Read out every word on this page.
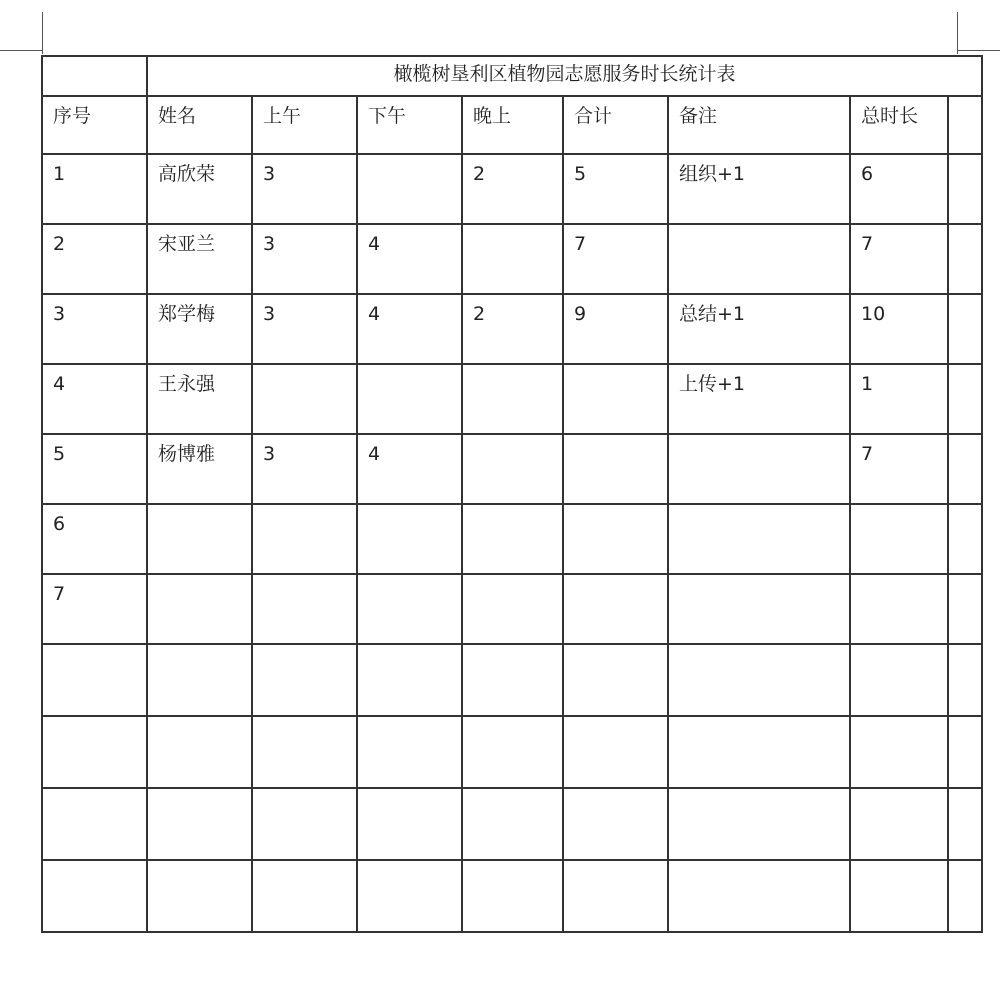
	橄榄树垦利区植物园志愿服务时长统计表							
序号	姓名	上午	下午	晚上	合计	备注	总时长	
1	高欣荣	3		2	5	组织+1	6	
2	宋亚兰	3	4		7		7	
3	郑学梅	3	4	2	9	总结+1	10	
4	王永强					上传+1	1	
5	杨博雅	3	4				7	
6								
7								
